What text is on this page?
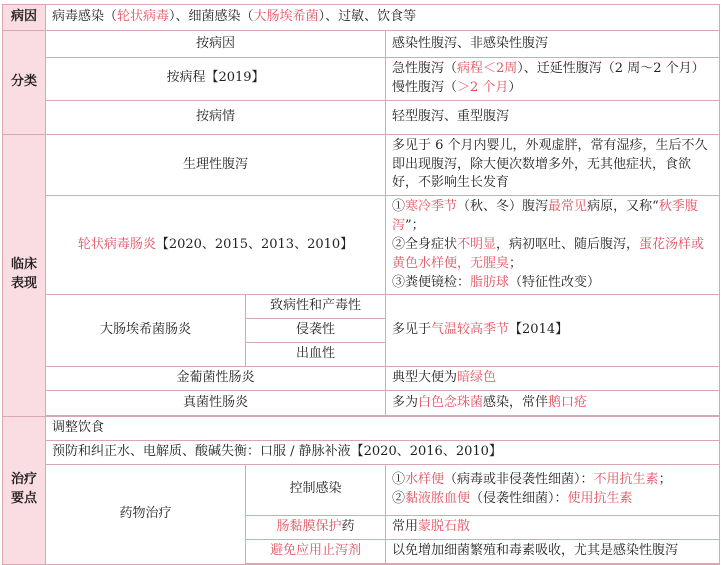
病因	病毒感染（轮状病毒）、细菌感染（大肠埃希菌）、过敏、饮食等		
分类	按病因		感染性腹泻、非感染性腹泻
	按病程【2019】		急性腹泻（病程＜2周）、迁延性腹泻（2 周～2 个月）慢性腹泻（＞2 个月）
	按病情		轻型腹泻、重型腹泻
临床表现	生理性腹泻		多见于 6 个月内婴儿，外观虚胖，常有湿疹，生后不久即出现腹泻，除大便次数增多外，无其他症状，食欲好，不影响生长发育
	轮状病毒肠炎【2020、2015、2013、2010】		①寒冷季节（秋、冬）腹泻最常见病原，又称“秋季腹泻”；
②全身症状不明显，病初呕吐、随后腹泻，蛋花汤样或黄色水样便，无腥臭；
③粪便镜检：脂肪球（特征性改变）

	大肠埃希菌肠炎	致病性和产毒性	多见于气温较高季节【2014】
		侵袭性	
		出血性	
	金葡菌性肠炎		典型大便为暗绿色
	真菌性肠炎		多为白色念珠菌感染，常伴鹅口疮

治疗要点	调整饮食		
	预防和纠正水、电解质、酸碱失衡：口服 / 静脉补液【2020、2016、2010】		
	药物治疗	控制感染	①水样便（病毒或非侵袭性细菌）：不用抗生素；
②黏液脓血便（侵袭性细菌）：使用抗生素

		肠黏膜保护药	常用蒙脱石散
		避免应用止泻剂	以免增加细菌繁殖和毒素吸收，尤其是感染性腹泻
